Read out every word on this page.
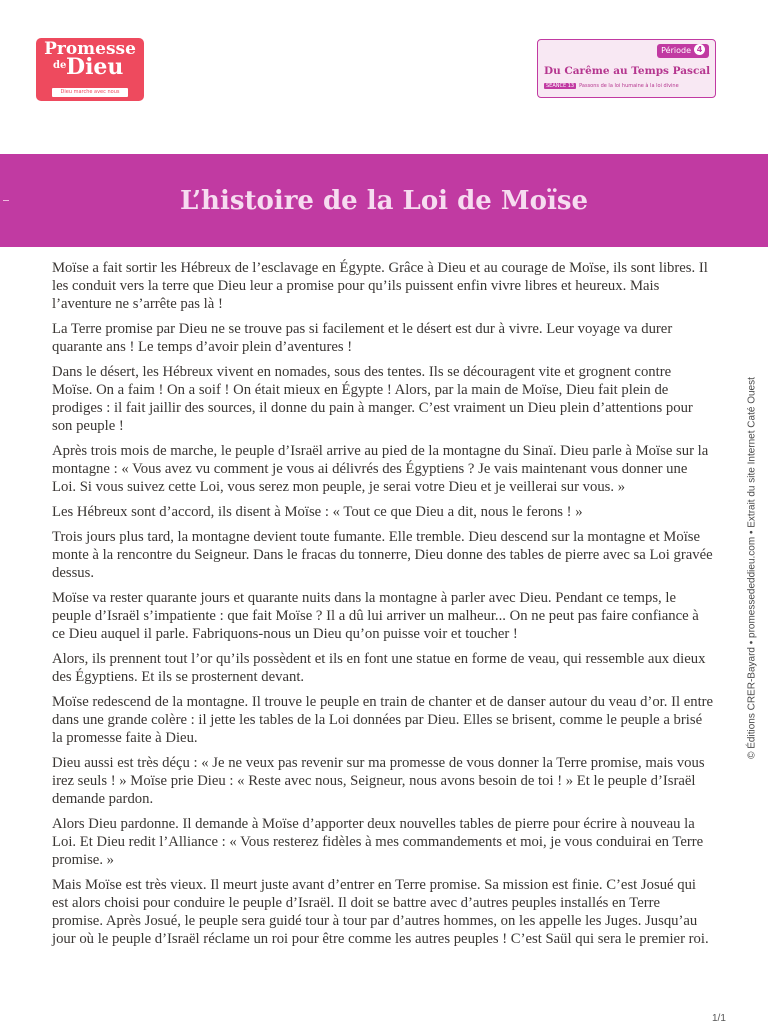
Promesse
de Dieu
Dieu marche avec nous
Période 4
Du Carême au Temps Pascal
SÉANCE 13 Passons de la loi humaine à la loi divine
L’histoire de la Loi de Moïse

Moïse a fait sortir les Hébreux de l’esclavage en Égypte. Grâce à Dieu et au courage de Moïse, ils sont libres. Il les conduit vers la terre que Dieu leur a promise pour qu’ils puissent enfin vivre libres et heureux. Mais l’aventure ne s’arrête pas là !

La Terre promise par Dieu ne se trouve pas si facilement et le désert est dur à vivre. Leur voyage va durer quarante ans ! Le temps d’avoir plein d’aventures !

Dans le désert, les Hébreux vivent en nomades, sous des tentes. Ils se découragent vite et grognent contre Moïse. On a faim ! On a soif ! On était mieux en Égypte ! Alors, par la main de Moïse, Dieu fait plein de prodiges : il fait jaillir des sources, il donne du pain à manger. C’est vraiment un Dieu plein d’attentions pour son peuple !

Après trois mois de marche, le peuple d’Israël arrive au pied de la montagne du Sinaï. Dieu parle à Moïse sur la montagne : « Vous avez vu comment je vous ai délivrés des Égyptiens ? Je vais maintenant vous donner une Loi. Si vous suivez cette Loi, vous serez mon peuple, je serai votre Dieu et je veillerai sur vous. »

Les Hébreux sont d’accord, ils disent à Moïse : « Tout ce que Dieu a dit, nous le ferons ! »

Trois jours plus tard, la montagne devient toute fumante. Elle tremble. Dieu descend sur la montagne et Moïse monte à la rencontre du Seigneur. Dans le fracas du tonnerre, Dieu donne des tables de pierre avec sa Loi gravée dessus.

Moïse va rester quarante jours et quarante nuits dans la montagne à parler avec Dieu. Pendant ce temps, le peuple d’Israël s’impatiente : que fait Moïse ? Il a dû lui arriver un malheur... On ne peut pas faire confiance à ce Dieu auquel il parle. Fabriquons-nous un Dieu qu’on puisse voir et toucher !

Alors, ils prennent tout l’or qu’ils possèdent et ils en font une statue en forme de veau, qui ressemble aux dieux des Égyptiens. Et ils se prosternent devant.

Moïse redescend de la montagne. Il trouve le peuple en train de chanter et de danser autour du veau d’or. Il entre dans une grande colère : il jette les tables de la Loi données par Dieu. Elles se brisent, comme le peuple a brisé la promesse faite à Dieu.

Dieu aussi est très déçu : « Je ne veux pas revenir sur ma promesse de vous donner la Terre promise, mais vous irez seuls ! » Moïse prie Dieu : « Reste avec nous, Seigneur, nous avons besoin de toi ! » Et le peuple d’Israël demande pardon.

Alors Dieu pardonne. Il demande à Moïse d’apporter deux nouvelles tables de pierre pour écrire à nouveau la Loi. Et Dieu redit l’Alliance : « Vous resterez fidèles à mes commandements et moi, je vous conduirai en Terre promise. »

Mais Moïse est très vieux. Il meurt juste avant d’entrer en Terre promise. Sa mission est finie. C’est Josué qui est alors choisi pour conduire le peuple d’Israël. Il doit se battre avec d’autres peuples installés en Terre promise. Après Josué, le peuple sera guidé tour à tour par d’autres hommes, on les appelle les Juges. Jusqu’au jour où le peuple d’Israël réclame un roi pour être comme les autres peuples ! C’est Saül qui sera le premier roi.

1/1
© Éditions CRER-Bayard • promessededdieu.com • Extrait du site Internet Caté Ouest
